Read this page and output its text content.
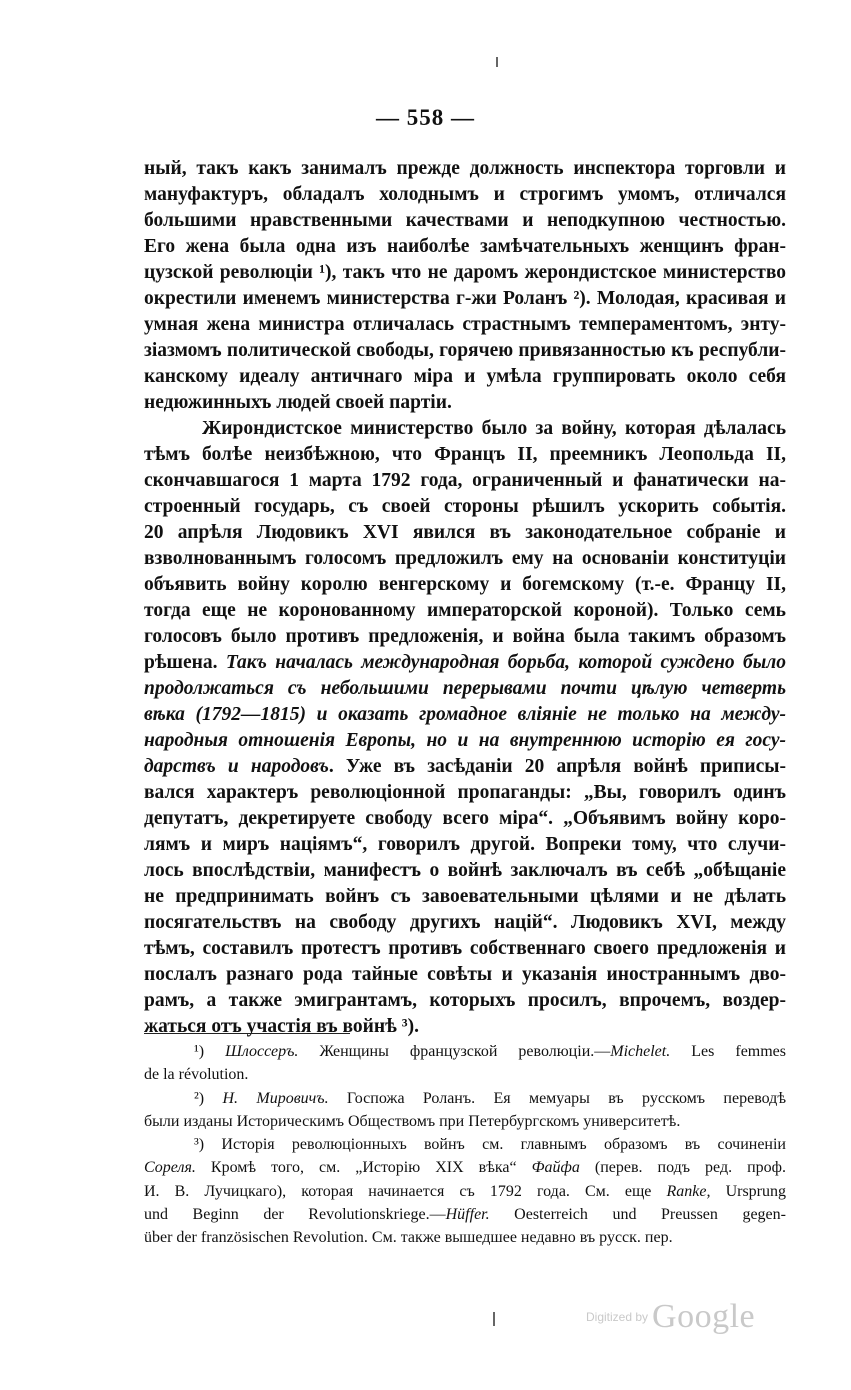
— 558 —
ный, такъ какъ занималъ прежде должность инспектора торговли и
мануфактуръ, обладалъ холоднымъ и строгимъ умомъ, отличался
большими нравственными качествами и неподкупною честностью.
Его жена была одна изъ наиболѣе замѣчательныхъ женщинъ фран-
цузской революціи ¹), такъ что не даромъ жерондистское министерство
окрестили именемъ министерства г-жи Роланъ ²). Молодая, красивая и
умная жена министра отличалась страстнымъ темпераментомъ, энту-
зіазмомъ политической свободы, горячею привязанностью къ республи-
канскому идеалу античнаго міра и умѣла группировать около себя
недюжинныхъ людей своей партіи.
Жирондистское министерство было за войну, которая дѣлалась
тѣмъ болѣе неизбѣжною, что Францъ II, преемникъ Леопольда II,
скончавшагося 1 марта 1792 года, ограниченный и фанатически на-
строенный государь, съ своей стороны рѣшилъ ускорить событія.
20 апрѣля Людовикъ XVI явился въ законодательное собраніе и
взволнованнымъ голосомъ предложилъ ему на основаніи конституціи
объявить войну королю венгерскому и богемскому (т.-е. Францу II,
тогда еще не коронованному императорской короной). Только семь
голосовъ было противъ предложенія, и война была такимъ образомъ
рѣшена. Такъ началась международная борьба, которой суждено было
продолжаться съ небольшими перерывами почти цѣлую четверть
вѣка (1792—1815) и оказать громадное вліяніе не только на между-
народныя отношенія Европы, но и на внутреннюю исторію ея госу-
дарствъ и народовъ. Уже въ засѣданіи 20 апрѣля войнѣ приписы-
вался характеръ революціонной пропаганды: „Вы, говорилъ одинъ
депутатъ, декретируете свободу всего міра“. „Объявимъ войну коро-
лямъ и миръ націямъ“, говорилъ другой. Вопреки тому, что случи-
лось впослѣдствіи, манифестъ о войнѣ заключалъ въ себѣ „обѣщаніе
не предпринимать войнъ съ завоевательными цѣлями и не дѣлать
посягательствъ на свободу другихъ націй“. Людовикъ XVI, между
тѣмъ, составилъ протестъ противъ собственнаго своего предложенія и
послалъ разнаго рода тайные совѣты и указанія иностраннымъ дво-
рамъ, а также эмигрантамъ, которыхъ просилъ, впрочемъ, воздер-
жаться отъ участія въ войнѣ ³).
¹) Шлоссеръ. Женщины французской революціи.—Michelet. Les femmes
de la révolution.
²) Н. Мировичъ. Госпожа Роланъ. Ея мемуары въ русскомъ переводѣ
были изданы Историческимъ Обществомъ при Петербургскомъ университетѣ.
³) Исторія революціонныхъ войнъ см. главнымъ образомъ въ сочиненіи
Сореля. Кромѣ того, см. „Исторію XIX вѣка“ Файфа (перев. подъ ред. проф.
И. В. Лучицкаго), которая начинается съ 1792 года. См. еще Ranke, Ursprung
und Beginn der Revolutionskriege.—Hüffer. Oesterreich und Preussen gegen-
über der französischen Revolution. См. также вышедшее недавно въ русск. пер.
$^{Digitized by}$ Google
